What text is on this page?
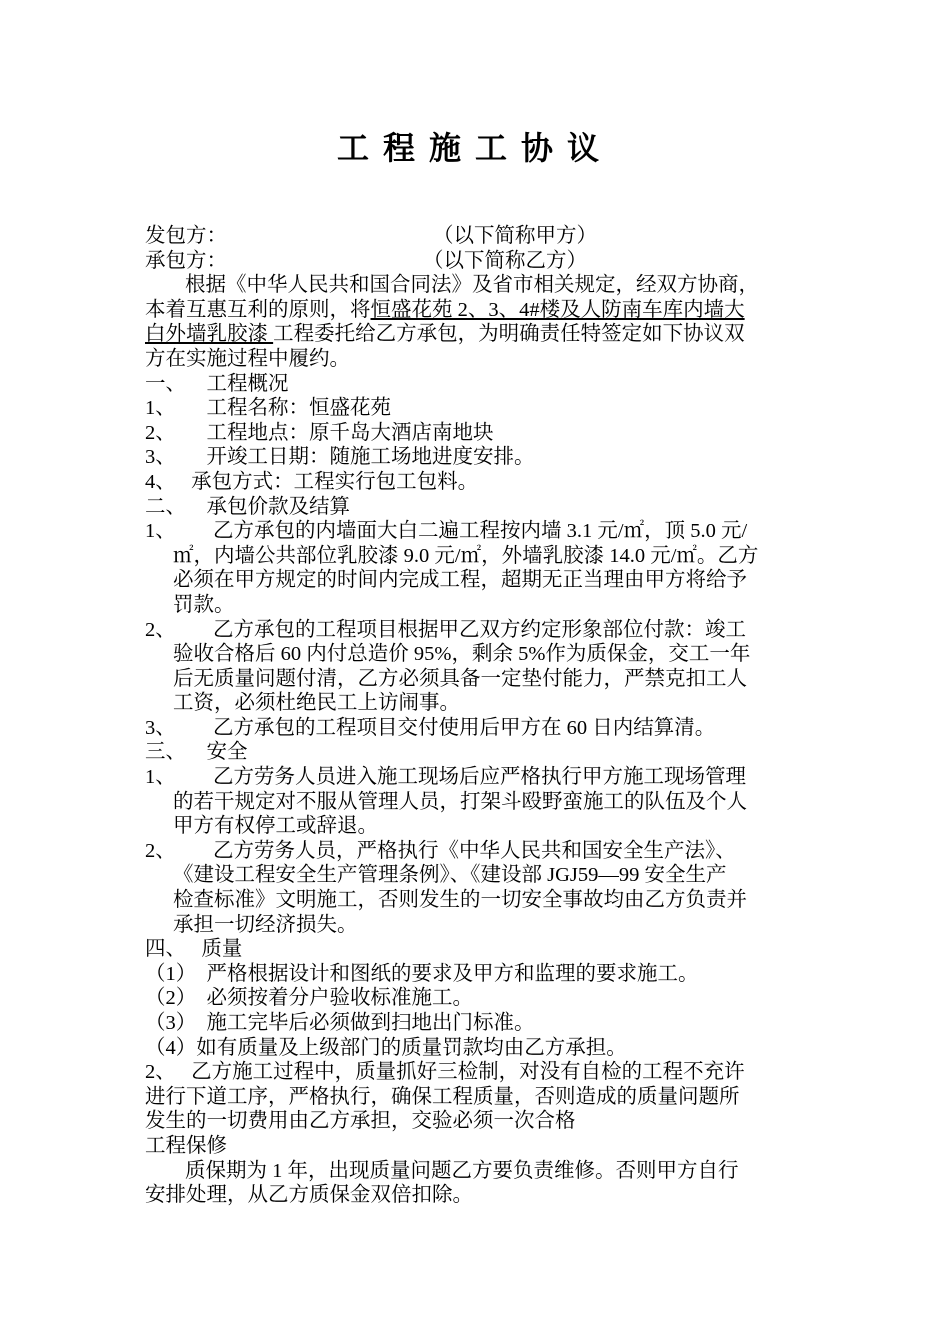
工程施工协议

发包方：	（以下简称甲方）

承包方：	（以下简称乙方）

根据《中华人民共和国合同法》及省市相关规定，经双方协商，

本着互惠互利的原则，将恒盛花苑 2、3、4#楼及人防南车库内墙大

白外墙乳胶漆 工程委托给乙方承包，为明确责任特签定如下协议双

方在实施过程中履约。

一、    工程概况

1、      工程名称：恒盛花苑

2、      工程地点：原千岛大酒店南地块

3、      开竣工日期：随施工场地进度安排。

4、   承包方式：工程实行包工包料。

二、    承包价款及结算

1、 乙方承包的内墙面大白二遍工程按内墙 3.1 元/㎡，顶 5.0 元/

㎡，内墙公共部位乳胶漆 9.0 元/㎡，外墙乳胶漆 14.0 元/㎡。乙方

必须在甲方规定的时间内完成工程，超期无正当理由甲方将给予

罚款。

2、 乙方承包的工程项目根据甲乙双方约定形象部位付款：竣工

验收合格后 60 内付总造价 95%，剩余 5%作为质保金，交工一年

后无质量问题付清，乙方必须具备一定垫付能力，严禁克扣工人

工资，必须杜绝民工上访闹事。

3、 乙方承包的工程项目交付使用后甲方在 60 日内结算清。

三、    安全

1、 乙方劳务人员进入施工现场后应严格执行甲方施工现场管理

的若干规定对不服从管理人员，打架斗殴野蛮施工的队伍及个人

甲方有权停工或辞退。

2、 乙方劳务人员，严格执行《中华人民共和国安全生产法》、

《建设工程安全生产管理条例》、《建设部 JGJ59—99 安全生产

检查标准》文明施工，否则发生的一切安全事故均由乙方负责并

承担一切经济损失。

四、   质量

（1）  严格根据设计和图纸的要求及甲方和监理的要求施工。

（2）  必须按着分户验收标准施工。

（3）  施工完毕后必须做到扫地出门标准。

（4）如有质量及上级部门的质量罚款均由乙方承担。

2、   乙方施工过程中，质量抓好三检制，对没有自检的工程不充许

进行下道工序，严格执行，确保工程质量，否则造成的质量问题所

发生的一切费用由乙方承担，交验必须一次合格

工程保修

质保期为 1 年，出现质量问题乙方要负责维修。否则甲方自行

安排处理，从乙方质保金双倍扣除。
